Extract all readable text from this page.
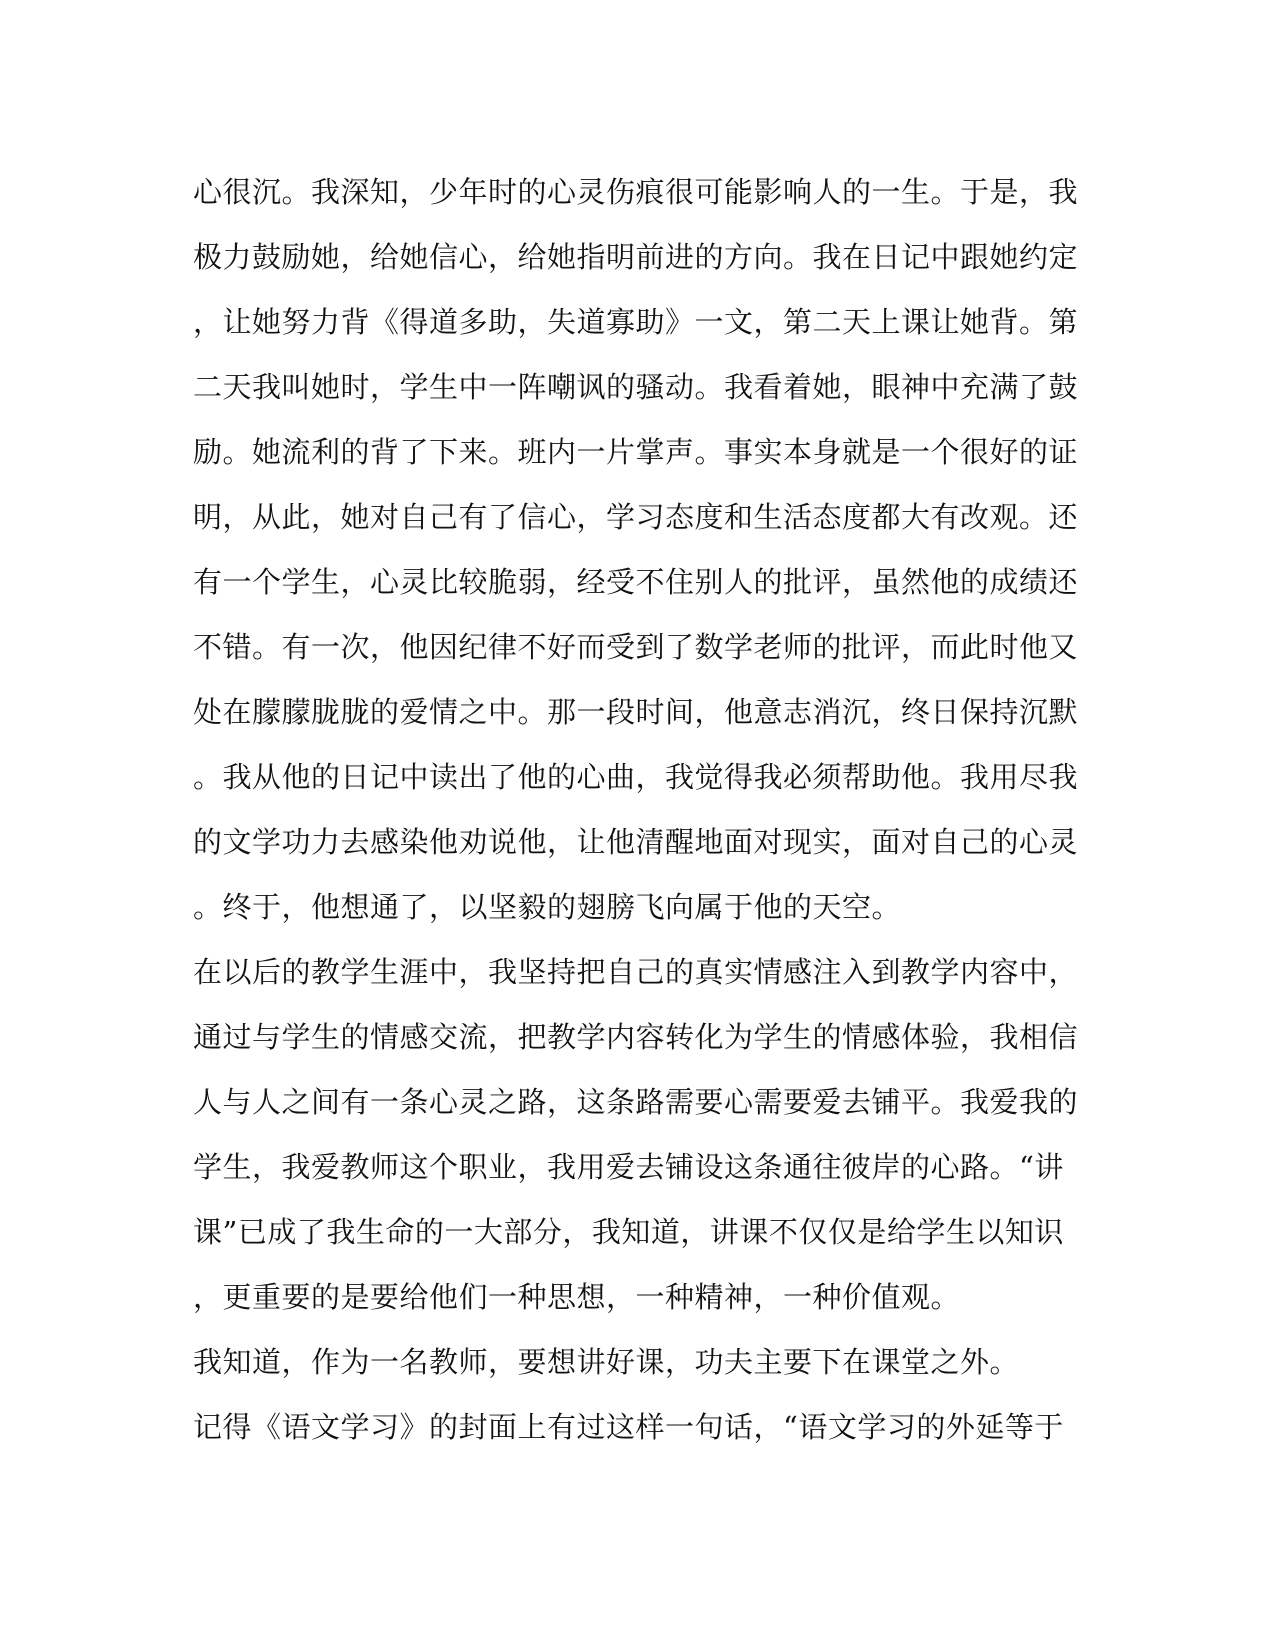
心很沉。我深知，少年时的心灵伤痕很可能影响人的一生。于是，我
极力鼓励她，给她信心，给她指明前进的方向。我在日记中跟她约定
，让她努力背《得道多助，失道寡助》一文，第二天上课让她背。第
二天我叫她时，学生中一阵嘲讽的骚动。我看着她，眼神中充满了鼓
励。她流利的背了下来。班内一片掌声。事实本身就是一个很好的证
明，从此，她对自己有了信心，学习态度和生活态度都大有改观。还
有一个学生，心灵比较脆弱，经受不住别人的批评，虽然他的成绩还
不错。有一次，他因纪律不好而受到了数学老师的批评，而此时他又
处在朦朦胧胧的爱情之中。那一段时间，他意志消沉，终日保持沉默
。我从他的日记中读出了他的心曲，我觉得我必须帮助他。我用尽我
的文学功力去感染他劝说他，让他清醒地面对现实，面对自己的心灵
。终于，他想通了，以坚毅的翅膀飞向属于他的天空。
在以后的教学生涯中，我坚持把自己的真实情感注入到教学内容中，
通过与学生的情感交流，把教学内容转化为学生的情感体验，我相信
人与人之间有一条心灵之路，这条路需要心需要爱去铺平。我爱我的
学生，我爱教师这个职业，我用爱去铺设这条通往彼岸的心路。“讲
课”已成了我生命的一大部分，我知道，讲课不仅仅是给学生以知识
，更重要的是要给他们一种思想，一种精神，一种价值观。
我知道，作为一名教师，要想讲好课，功夫主要下在课堂之外。
记得《语文学习》的封面上有过这样一句话，“语文学习的外延等于
